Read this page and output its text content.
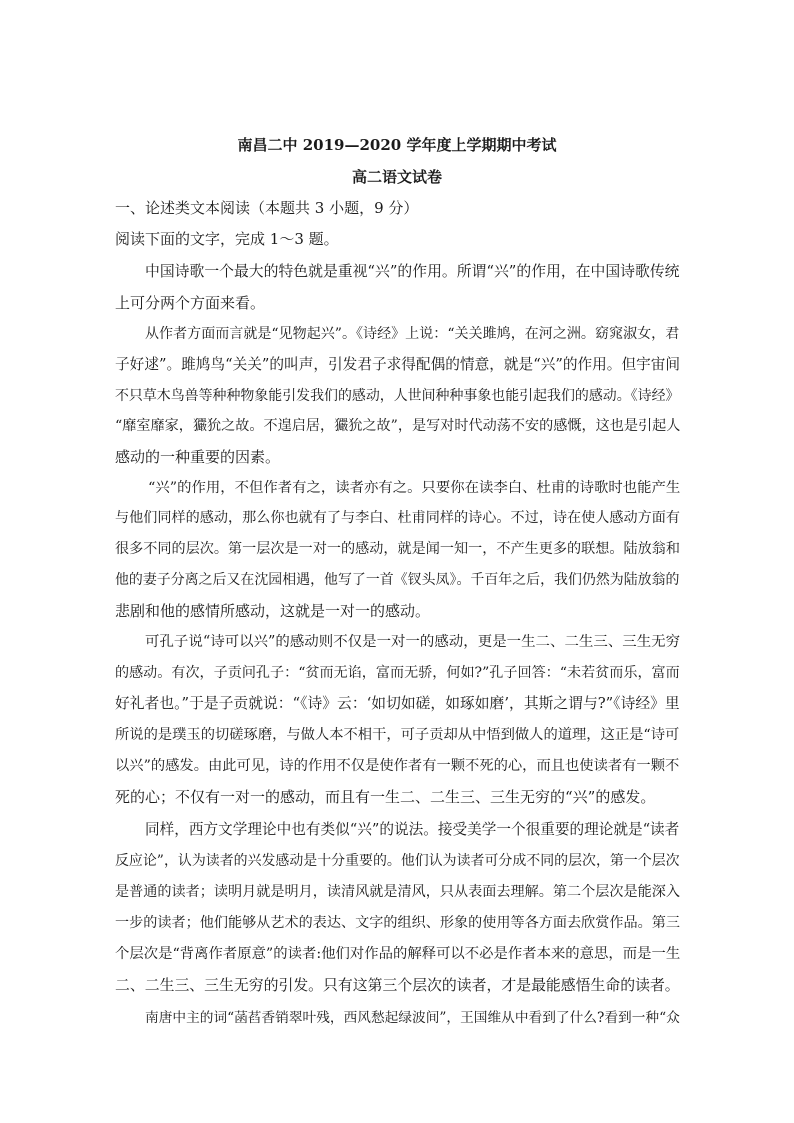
南昌二中 2019—2020 学年度上学期期中考试
高二语文试卷
一、论述类文本阅读（本题共 3 小题，9 分）
阅读下面的文字，完成 1～3 题。
中国诗歌一个最大的特色就是重视“兴”的作用。所谓“兴”的作用，在中国诗歌传统
上可分两个方面来看。
从作者方面而言就是“见物起兴”。《诗经》上说：“关关雎鸠，在河之洲。窈窕淑女，君
子好逑”。雎鸠鸟“关关”的叫声，引发君子求得配偶的情意，就是“兴”的作用。但宇宙间
不只草木鸟兽等种种物象能引发我们的感动，人世间种种事象也能引起我们的感动。《诗经》
“靡室靡家，玁狁之故。不遑启居，玁狁之故”，是写对时代动荡不安的感慨，这也是引起人
感动的一种重要的因素。
“兴”的作用，不但作者有之，读者亦有之。只要你在读李白、杜甫的诗歌时也能产生
与他们同样的感动，那么你也就有了与李白、杜甫同样的诗心。不过，诗在使人感动方面有
很多不同的层次。第一层次是一对一的感动，就是闻一知一，不产生更多的联想。陆放翁和
他的妻子分离之后又在沈园相遇，他写了一首《钗头凤》。千百年之后，我们仍然为陆放翁的
悲剧和他的感情所感动，这就是一对一的感动。
可孔子说“诗可以兴”的感动则不仅是一对一的感动，更是一生二、二生三、三生无穷
的感动。有次，子贡问孔子：“贫而无谄，富而无骄，何如?”孔子回答：“未若贫而乐，富而
好礼者也。”于是子贡就说：“《诗》云：‘如切如磋，如琢如磨’，其斯之谓与?”《诗经》里
所说的是璞玉的切磋琢磨，与做人本不相干，可子贡却从中悟到做人的道理，这正是“诗可
以兴”的感发。由此可见，诗的作用不仅是使作者有一颗不死的心，而且也使读者有一颗不
死的心；不仅有一对一的感动，而且有一生二、二生三、三生无穷的“兴”的感发。
同样，西方文学理论中也有类似“兴”的说法。接受美学一个很重要的理论就是“读者
反应论”，认为读者的兴发感动是十分重要的。他们认为读者可分成不同的层次，第一个层次
是普通的读者；读明月就是明月，读清风就是清风，只从表面去理解。第二个层次是能深入
一步的读者；他们能够从艺术的表达、文字的组织、形象的使用等各方面去欣赏作品。第三
个层次是“背离作者原意”的读者:他们对作品的解释可以不必是作者本来的意思，而是一生
二、二生三、三生无穷的引发。只有这第三个层次的读者，才是最能感悟生命的读者。
南唐中主的词“菡萏香销翠叶残，西风愁起绿波间”，王国维从中看到了什么?看到一种“众
